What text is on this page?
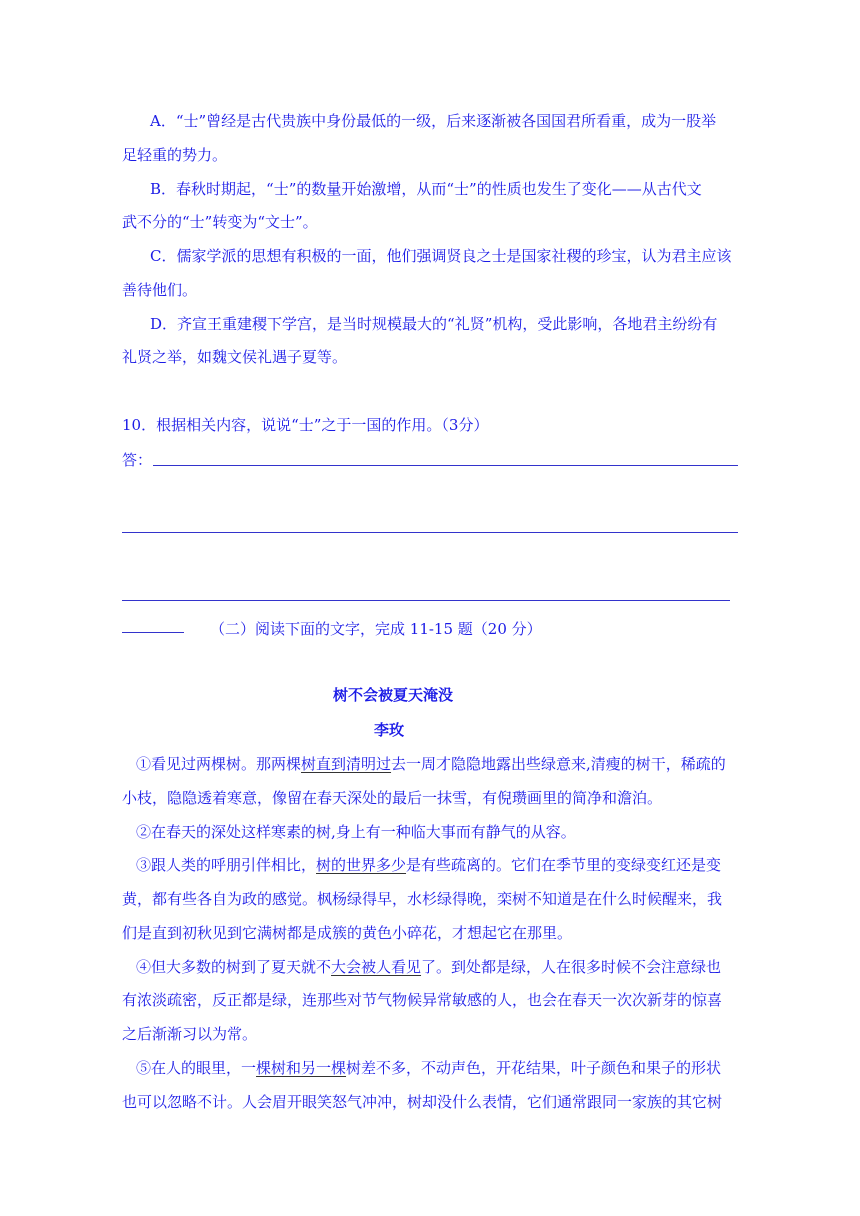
A．“士”曾经是古代贵族中身份最低的一级，后来逐渐被各国国君所看重，成为一股举
足轻重的势力。
B．春秋时期起，“士”的数量开始激增，从而“士”的性质也发生了变化——从古代文
武不分的“士”转变为“文士”。
C．儒家学派的思想有积极的一面，他们强调贤良之士是国家社稷的珍宝，认为君主应该
善待他们。
D．齐宣王重建稷下学宫，是当时规模最大的“礼贤”机构，受此影响，各地君主纷纷有
礼贤之举，如魏文侯礼遇子夏等。
10．根据相关内容，说说“士”之于一国的作用。（3分）
答：
（二）阅读下面的文字，完成 11-15 题（20 分）
树不会被夏天淹没
李玫
①看见过两棵树。那两棵树直到清明过去一周才隐隐地露出些绿意来,清瘦的树干，稀疏的
小枝，隐隐透着寒意，像留在春天深处的最后一抹雪，有倪瓒画里的简净和澹泊。
②在春天的深处这样寒素的树,身上有一种临大事而有静气的从容。
③跟人类的呼朋引伴相比，树的世界多少是有些疏离的。它们在季节里的变绿变红还是变
黄，都有些各自为政的感觉。枫杨绿得早，水杉绿得晚，栾树不知道是在什么时候醒来，我
们是直到初秋见到它满树都是成簇的黄色小碎花，才想起它在那里。
④但大多数的树到了夏天就不大会被人看见了。到处都是绿，人在很多时候不会注意绿也
有浓淡疏密，反正都是绿，连那些对节气物候异常敏感的人，也会在春天一次次新芽的惊喜
之后渐渐习以为常。
⑤在人的眼里，一棵树和另一棵树差不多，不动声色，开花结果，叶子颜色和果子的形状
也可以忽略不计。人会眉开眼笑怒气冲冲，树却没什么表情，它们通常跟同一家族的其它树
